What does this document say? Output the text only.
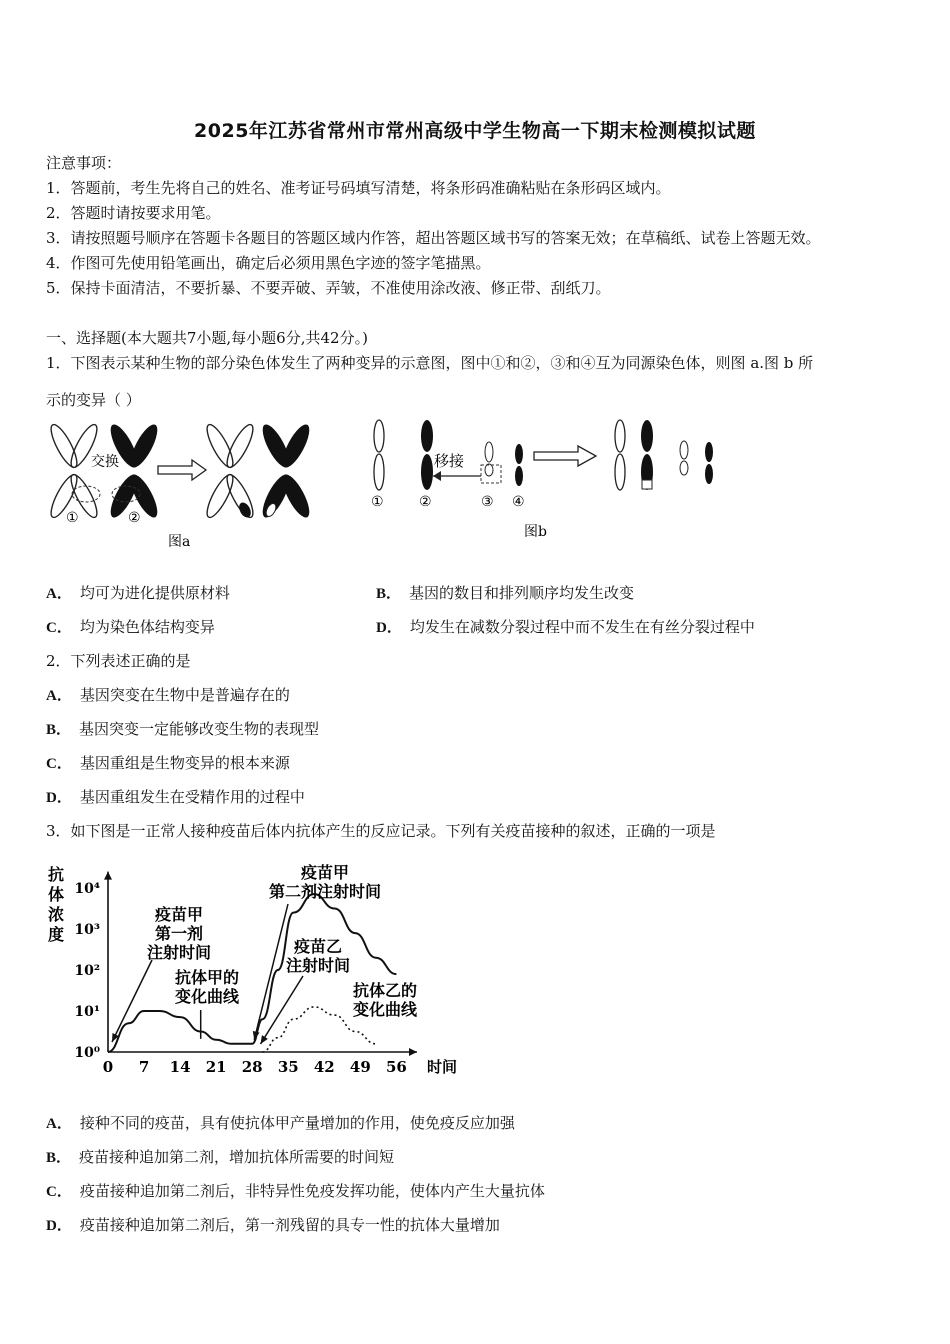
2025年江苏省常州市常州高级中学生物高一下期末检测模拟试题
注意事项：
1．答题前，考生先将自己的姓名、准考证号码填写清楚，将条形码准确粘贴在条形码区域内。
2．答题时请按要求用笔。
3．请按照题号顺序在答题卡各题目的答题区域内作答，超出答题区域书写的答案无效；在草稿纸、试卷上答题无效。
4．作图可先使用铅笔画出，确定后必须用黑色字迹的签字笔描黑。
5．保持卡面清洁，不要折暴、不要弄破、弄皱，不准使用涂改液、修正带、刮纸刀。
一、选择题(本大题共7小题,每小题6分,共42分。)
1．下图表示某种生物的部分染色体发生了两种变异的示意图，图中①和②，③和④互为同源染色体，则图 a.图 b 所
示的变异（ ）
交换
①	②
图a
移接
①	②	③ ④
图b
A． 均可为进化提供原材料	B． 基因的数目和排列顺序均发生改变
C． 均为染色体结构变异	D． 均发生在减数分裂过程中而不发生在有丝分裂过程中
2．下列表述正确的是
A． 基因突变在生物中是普遍存在的
B． 基因突变一定能够改变生物的表现型
C． 基因重组是生物变异的根本来源
D． 基因重组发生在受精作用的过程中
3．如下图是一正常人接种疫苗后体内抗体产生的反应记录。下列有关疫苗接种的叙述，正确的一项是
0 7 14 21 28 35 42 49 56 时间
10⁰
10¹
10²
10³
10⁴
抗
体
浓
度
疫苗甲
第一剂
注射时间
抗体甲的
变化曲线
疫苗甲
第二剂注射时间
疫苗乙
注射时间
抗体乙的
变化曲线
A． 接种不同的疫苗，具有使抗体甲产量增加的作用，使免疫反应加强
B． 疫苗接种追加第二剂，增加抗体所需要的时间短
C． 疫苗接种追加第二剂后，非特异性免疫发挥功能，使体内产生大量抗体
D． 疫苗接种追加第二剂后，第一剂残留的具专一性的抗体大量增加
